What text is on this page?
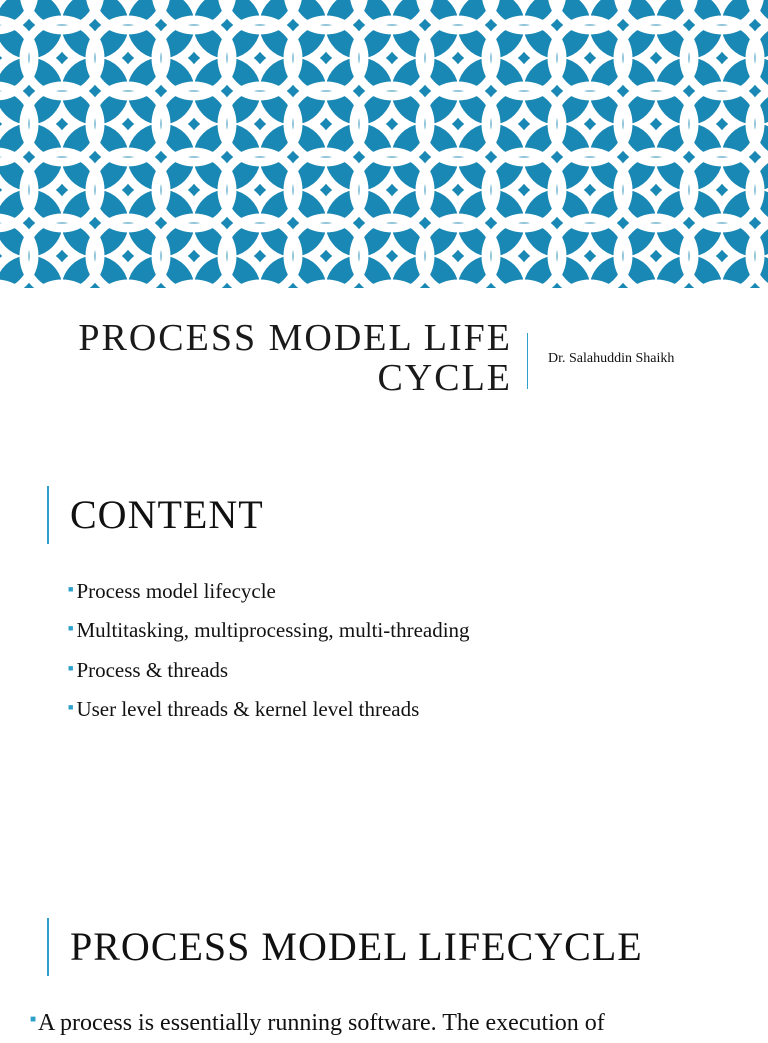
PROCESS MODEL LIFE
CYCLE	Dr. Salahuddin Shaikh
CONTENT
■ Process model lifecycle
■ Multitasking, multiprocessing, multi-threading
■ Process & threads
■ User level threads & kernel level threads
PROCESS MODEL LIFECYCLE
■A process is essentially running software. The execution of
